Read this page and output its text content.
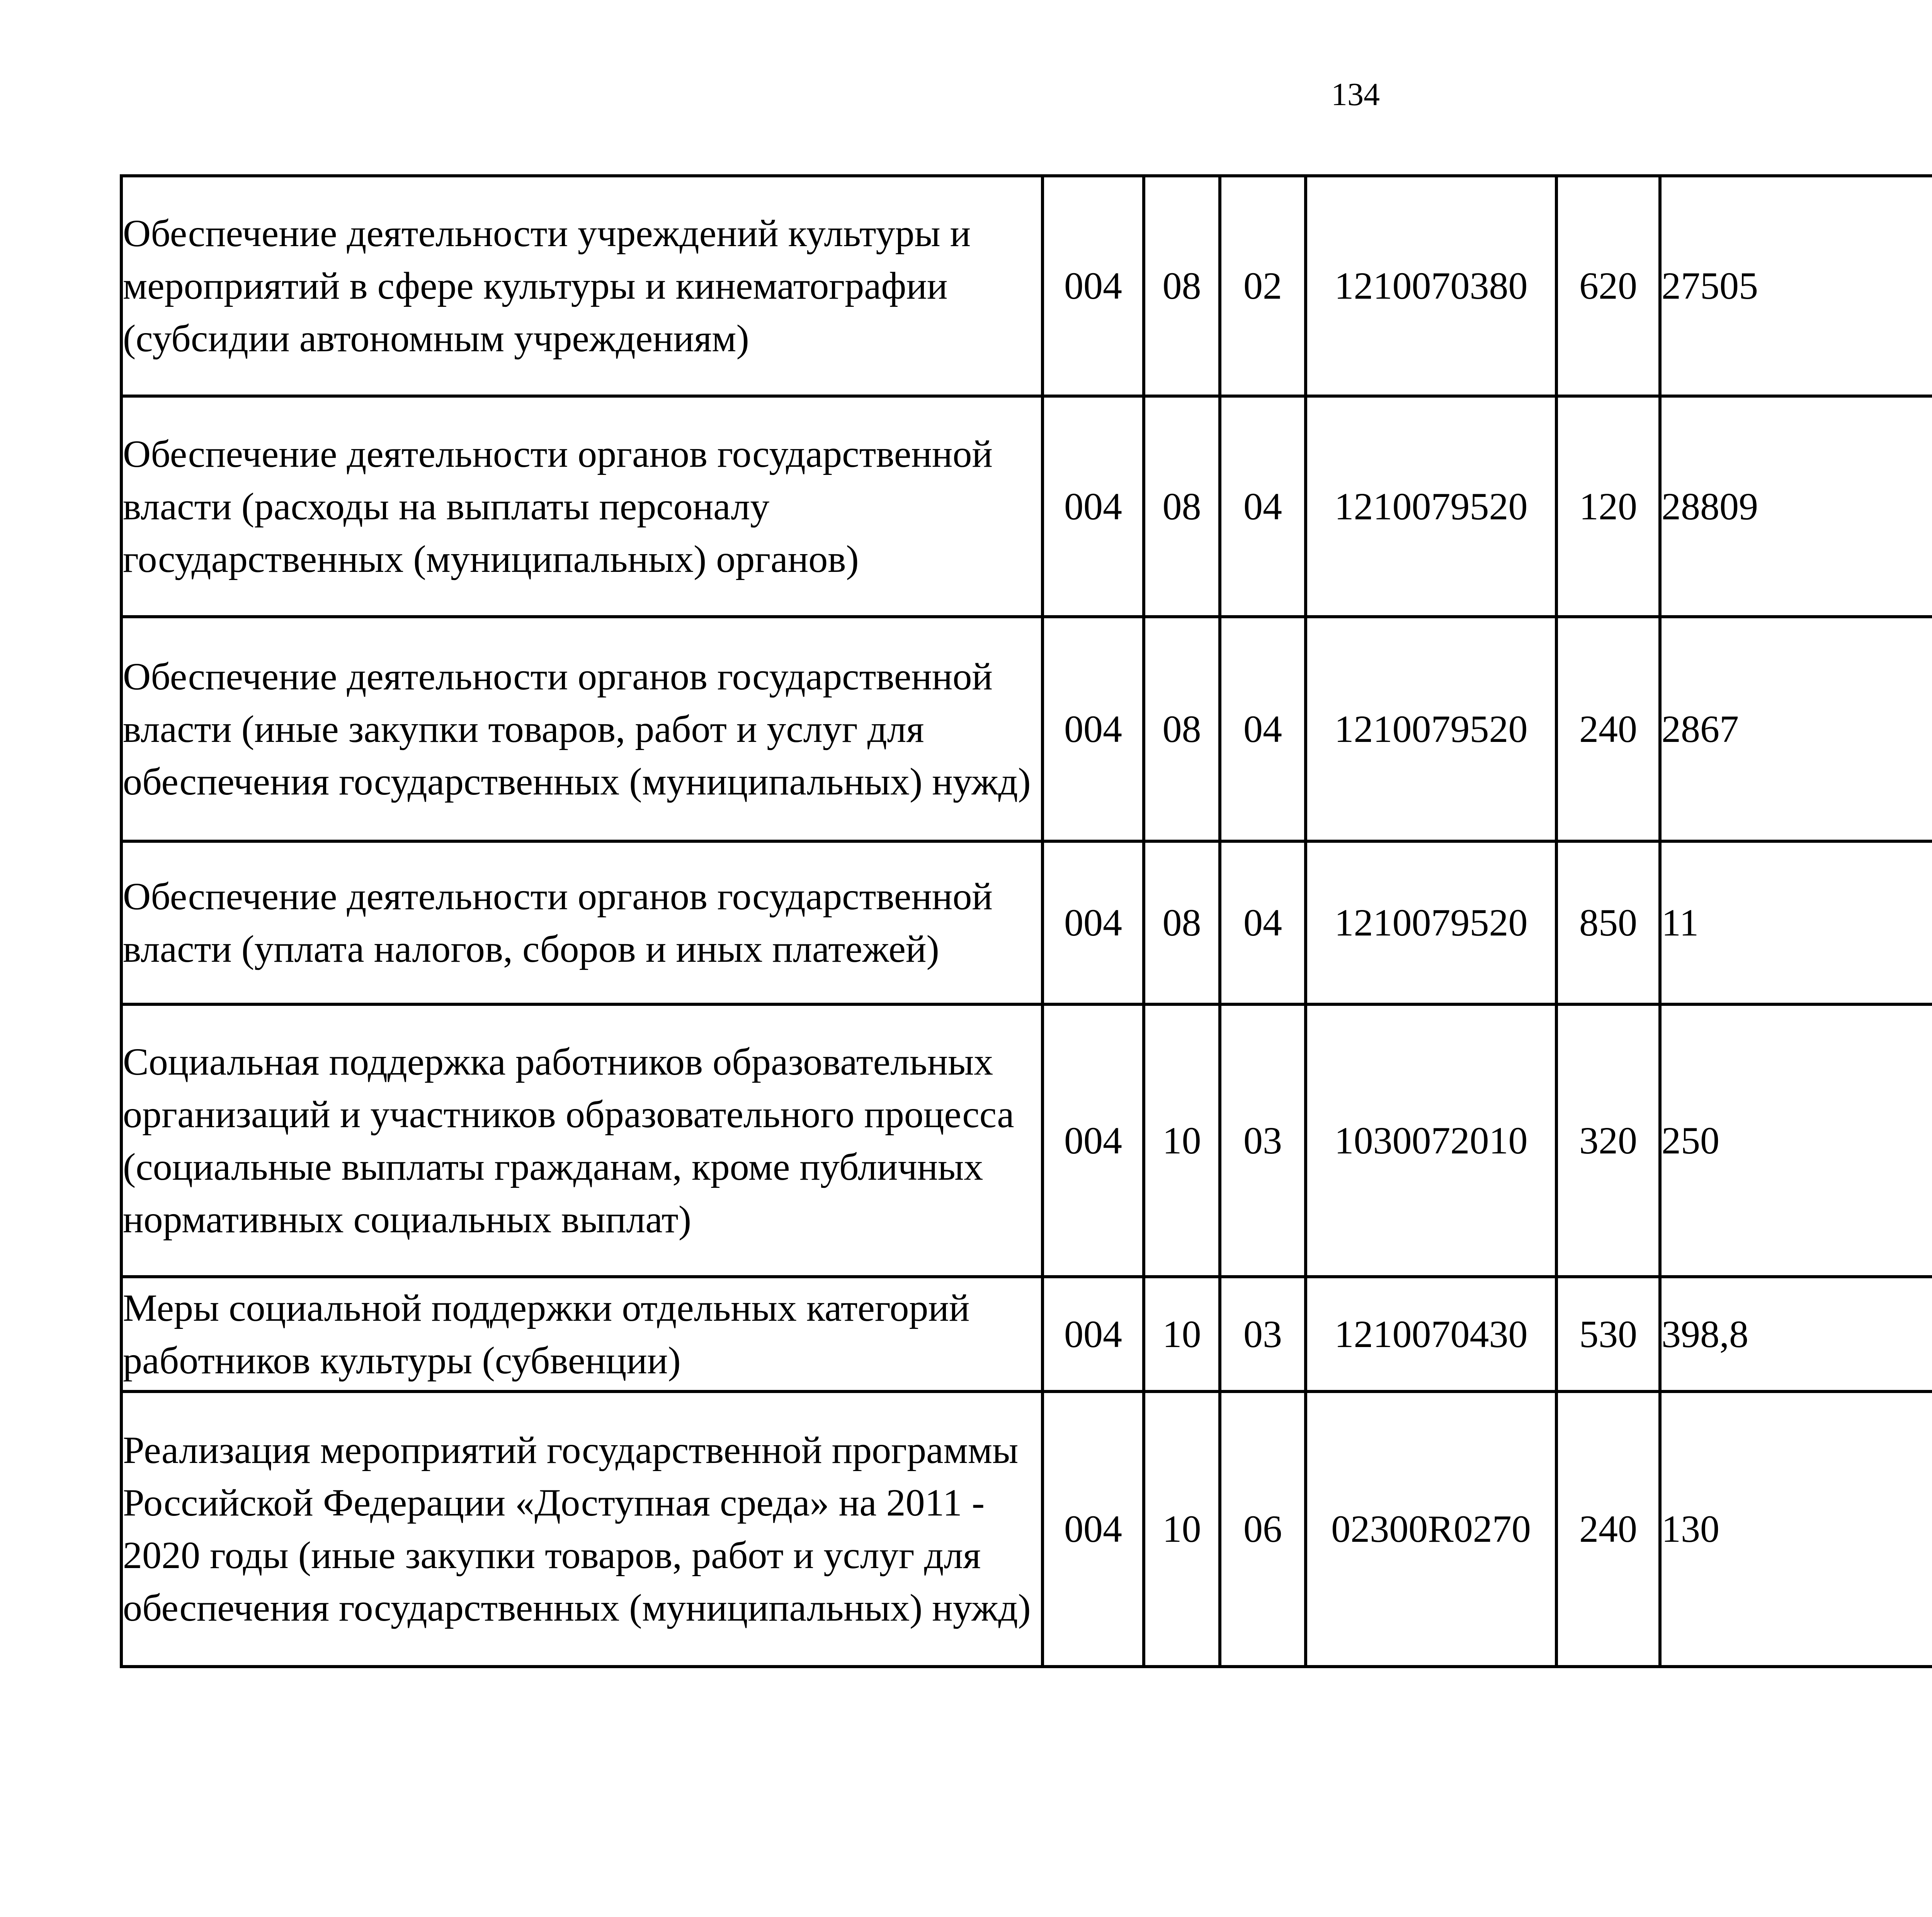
134
Обеспечение деятельности учреждений культуры и мероприятий в сфере культуры и кинематографии (субсидии автономным учреждениям)	004	08	02	1210070380	620	27505		
Обеспечение деятельности органов государственной власти (расходы на выплаты персоналу государственных (муниципальных) органов)	004	08	04	1210079520	120	28809		
Обеспечение деятельности органов государственной власти (иные закупки товаров, работ и услуг для обеспечения государственных (муниципальных) нужд)	004	08	04	1210079520	240	2867		
Обеспечение деятельности органов государственной власти (уплата налогов, сборов и иных платежей)	004	08	04	1210079520	850	11		
Социальная поддержка работников образовательных организаций и участников образовательного процесса (социальные выплаты гражданам, кроме публичных нормативных социальных выплат)	004	10	03	1030072010	320	250		
Меры социальной поддержки отдельных категорий работников культуры (субвенции)	004	10	03	1210070430	530	398,8		
Реализация мероприятий государственной программы Российской Федерации «Доступная среда» на 2011 - 2020 годы (иные закупки товаров, работ и услуг для обеспечения государственных (муниципальных) нужд)	004	10	06	02300R0270	240	130		
